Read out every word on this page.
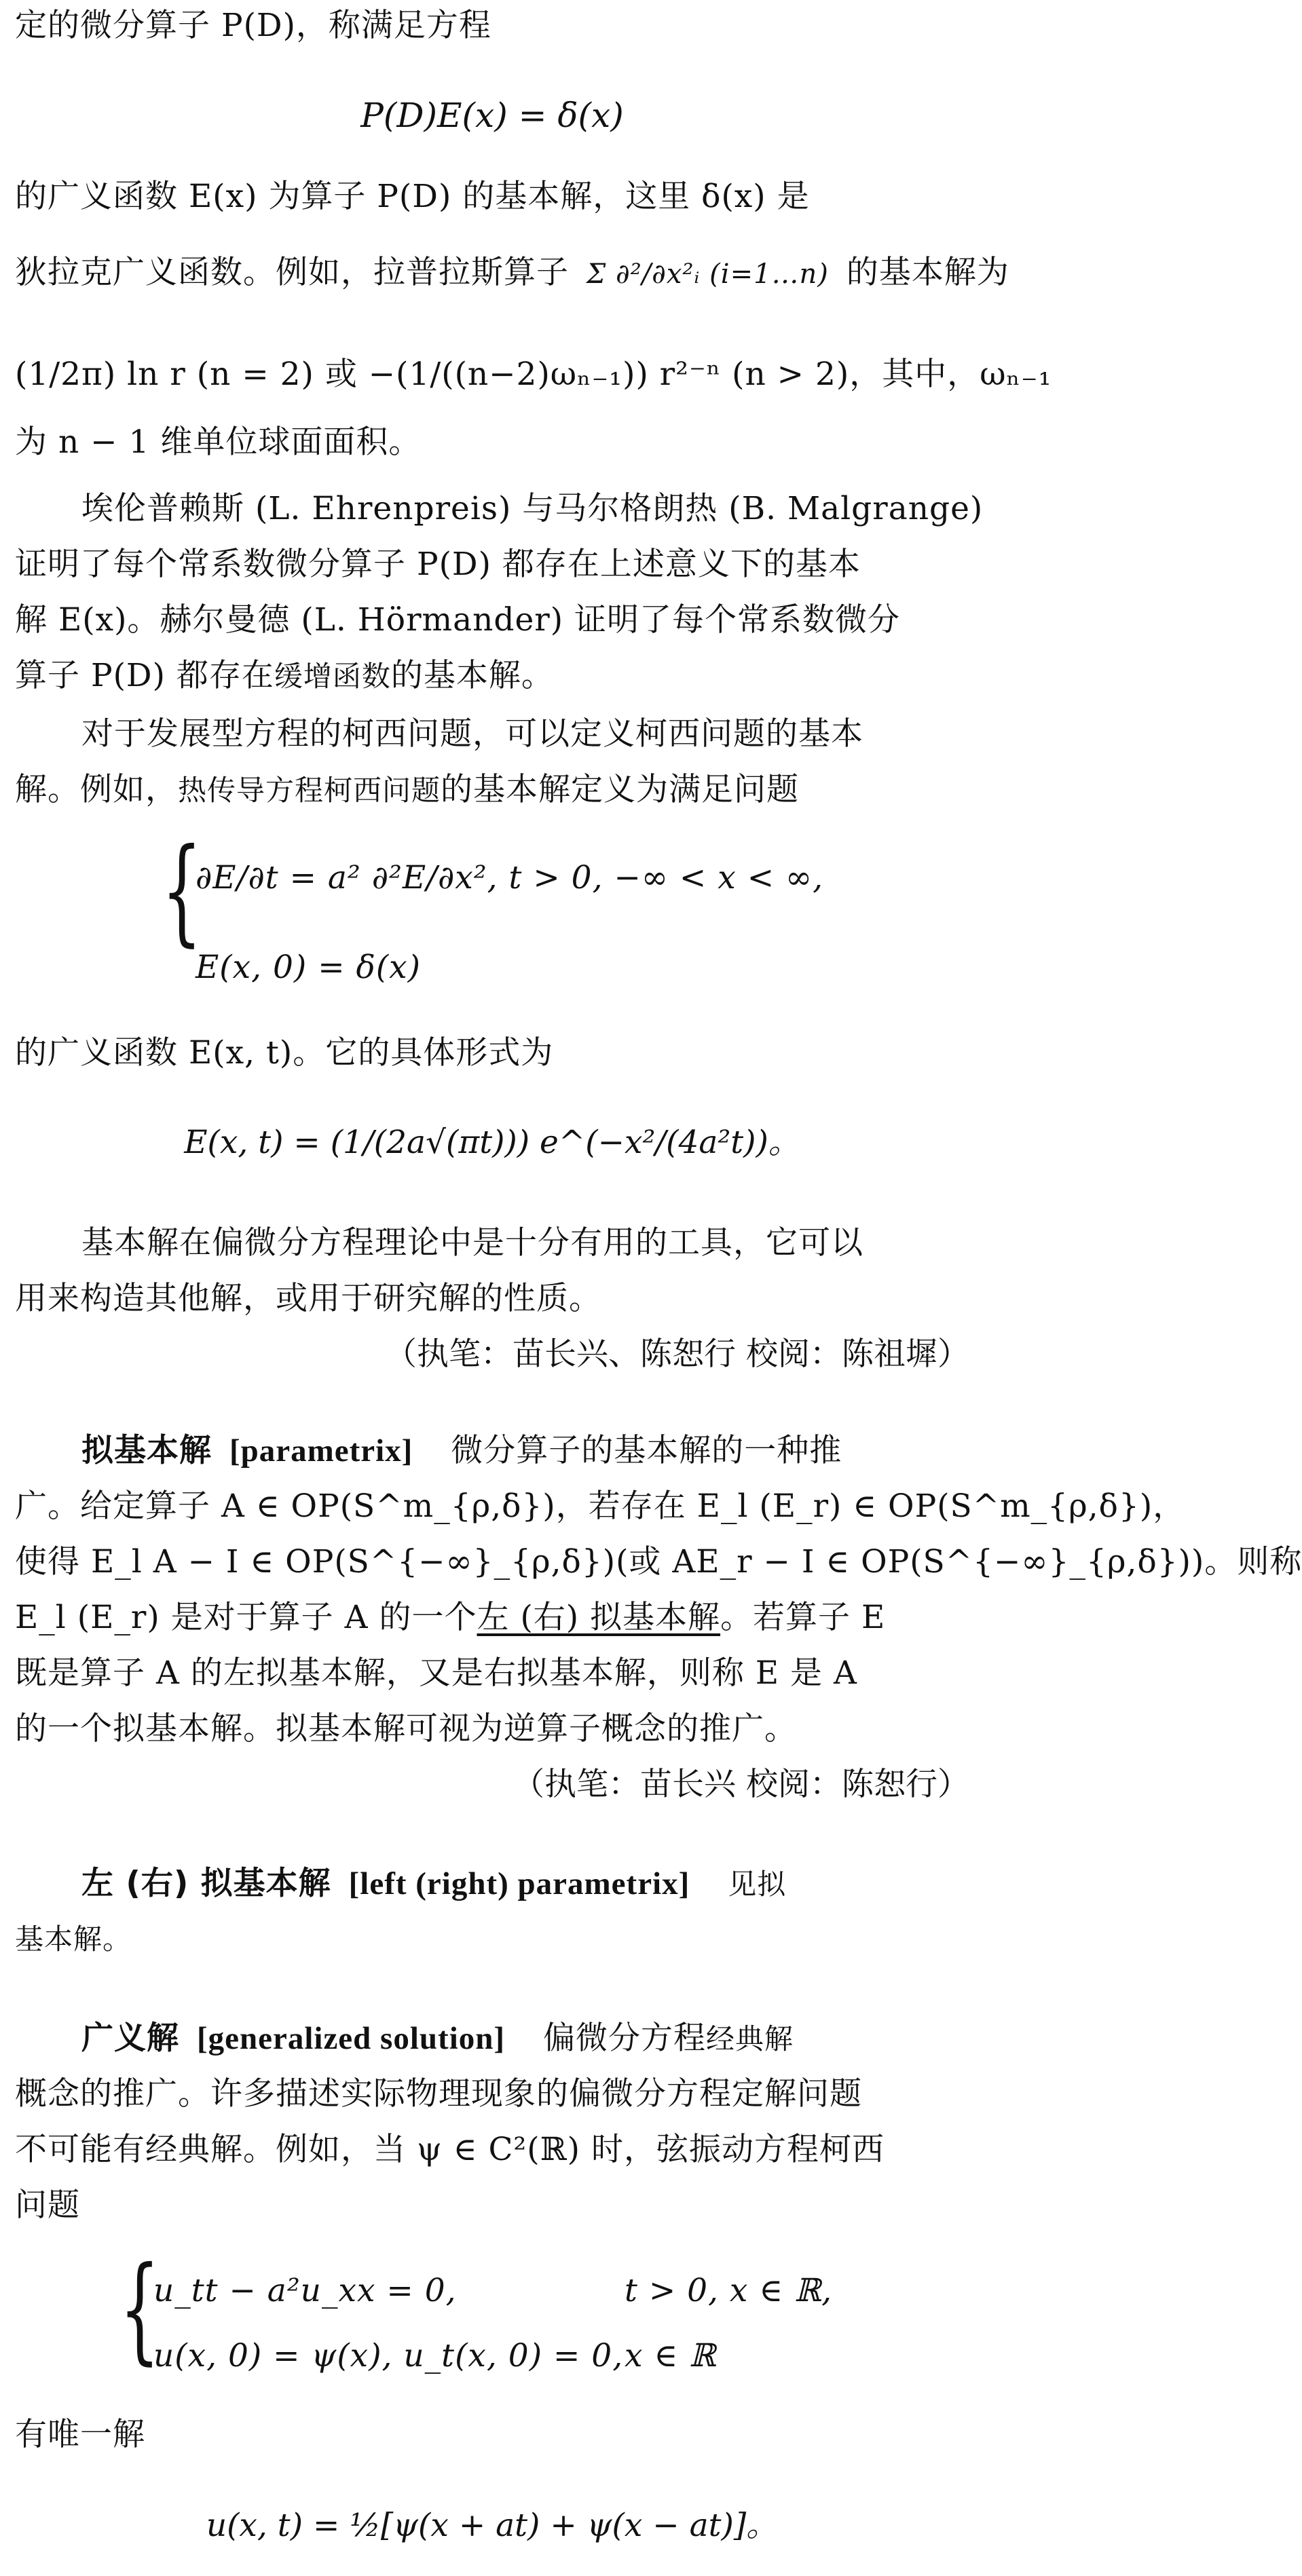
定的微分算子 P(D)，称满足方程
P(D)E(x) = δ(x)
的广义函数 E(x) 为算子 P(D) 的基本解，这里 δ(x) 是
狄拉克广义函数。例如，拉普拉斯算子 Σ ∂²/∂x²ᵢ (i=1…n) 的基本解为
(1/2π) ln r (n = 2) 或 −(1/((n−2)ωₙ₋₁)) r²⁻ⁿ (n > 2)，其中，ωₙ₋₁
为 n − 1 维单位球面面积。
埃伦普赖斯 (L. Ehrenpreis) 与马尔格朗热 (B. Malgrange)
证明了每个常系数微分算子 P(D) 都存在上述意义下的基本
解 E(x)。赫尔曼德 (L. Hörmander) 证明了每个常系数微分
算子 P(D) 都存在缓增函数的基本解。
对于发展型方程的柯西问题，可以定义柯西问题的基本
解。例如，热传导方程柯西问题的基本解定义为满足问题
{
∂E/∂t = a² ∂²E/∂x², t > 0, −∞ < x < ∞,
E(x, 0) = δ(x)
的广义函数 E(x, t)。它的具体形式为
E(x, t) = (1/(2a√(πt))) e^(−x²/(4a²t))。
基本解在偏微分方程理论中是十分有用的工具，它可以
用来构造其他解，或用于研究解的性质。
（执笔：苗长兴、陈恕行 校阅：陈祖墀）
拟基本解 [parametrix] 微分算子的基本解的一种推
广。给定算子 A ∈ OP(S^m_{ρ,δ})，若存在 E_l (E_r) ∈ OP(S^m_{ρ,δ})，
使得 E_l A − I ∈ OP(S^{−∞}_{ρ,δ})(或 AE_r − I ∈ OP(S^{−∞}_{ρ,δ}))。则称
E_l (E_r) 是对于算子 A 的一个左 (右) 拟基本解。若算子 E
既是算子 A 的左拟基本解，又是右拟基本解，则称 E 是 A
的一个拟基本解。拟基本解可视为逆算子概念的推广。
（执笔：苗长兴 校阅：陈恕行）
左 (右) 拟基本解 [left (right) parametrix] 见拟
基本解。
广义解 [generalized solution] 偏微分方程经典解
概念的推广。许多描述实际物理现象的偏微分方程定解问题
不可能有经典解。例如，当 ψ ∈ C²(ℝ) 时，弦振动方程柯西
问题
{
u_tt − a²u_xx = 0,	t > 0, x ∈ ℝ,
u(x, 0) = ψ(x), u_t(x, 0) = 0, x ∈ ℝ
有唯一解
u(x, t) = ½[ψ(x + at) + ψ(x − at)]。
